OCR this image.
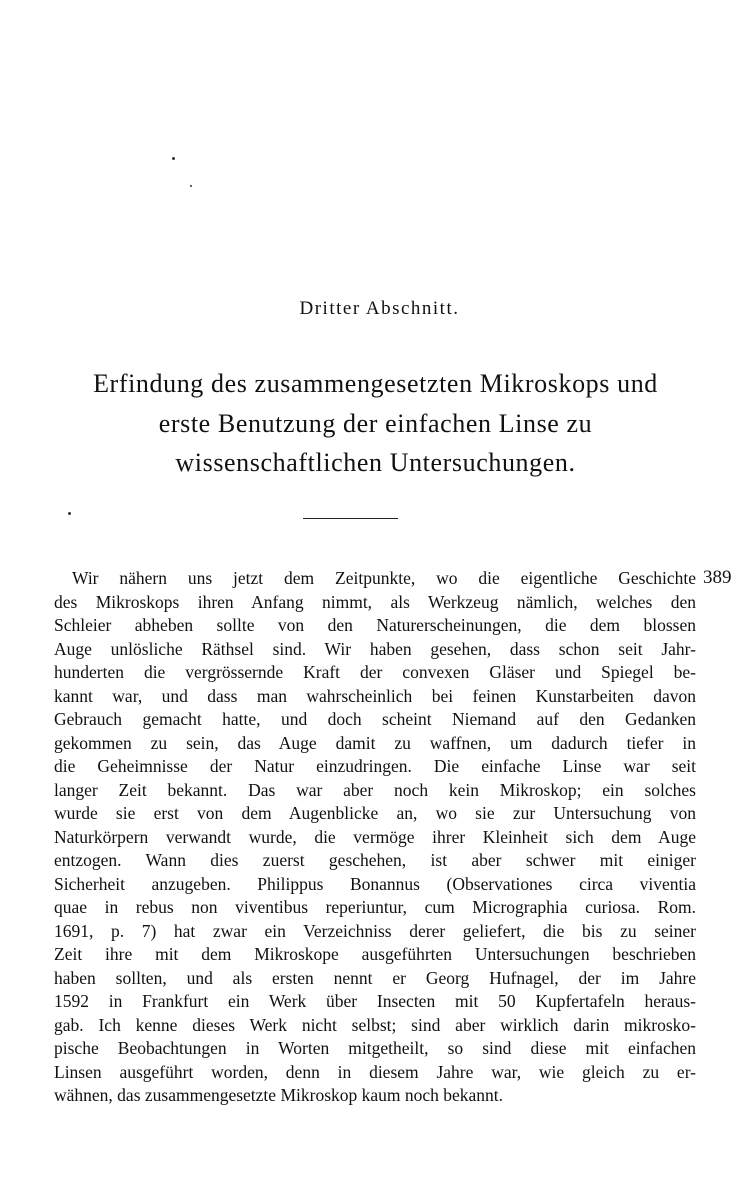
Dritter Abschnitt.
Erfindung des zusammengesetzten Mikroskops und
erste Benutzung der einfachen Linse zu
wissenschaftlichen Untersuchungen.
389
Wir nähern uns jetzt dem Zeitpunkte, wo die eigentliche Geschichte
des Mikroskops ihren Anfang nimmt, als Werkzeug nämlich, welches den
Schleier abheben sollte von den Naturerscheinungen, die dem blossen
Auge unlösliche Räthsel sind. Wir haben gesehen, dass schon seit Jahr-
hunderten die vergrössernde Kraft der convexen Gläser und Spiegel be-
kannt war, und dass man wahrscheinlich bei feinen Kunstarbeiten davon
Gebrauch gemacht hatte, und doch scheint Niemand auf den Gedanken
gekommen zu sein, das Auge damit zu waffnen, um dadurch tiefer in
die Geheimnisse der Natur einzudringen. Die einfache Linse war seit
langer Zeit bekannt. Das war aber noch kein Mikroskop; ein solches
wurde sie erst von dem Augenblicke an, wo sie zur Untersuchung von
Naturkörpern verwandt wurde, die vermöge ihrer Kleinheit sich dem Auge
entzogen. Wann dies zuerst geschehen, ist aber schwer mit einiger
Sicherheit anzugeben. Philippus Bonannus (Observationes circa viventia
quae in rebus non viventibus reperiuntur, cum Micrographia curiosa. Rom.
1691, p. 7) hat zwar ein Verzeichniss derer geliefert, die bis zu seiner
Zeit ihre mit dem Mikroskope ausgeführten Untersuchungen beschrieben
haben sollten, und als ersten nennt er Georg Hufnagel, der im Jahre
1592 in Frankfurt ein Werk über Insecten mit 50 Kupfertafeln heraus-
gab. Ich kenne dieses Werk nicht selbst; sind aber wirklich darin mikrosko-
pische Beobachtungen in Worten mitgetheilt, so sind diese mit einfachen
Linsen ausgeführt worden, denn in diesem Jahre war, wie gleich zu er-
wähnen, das zusammengesetzte Mikroskop kaum noch bekannt.
